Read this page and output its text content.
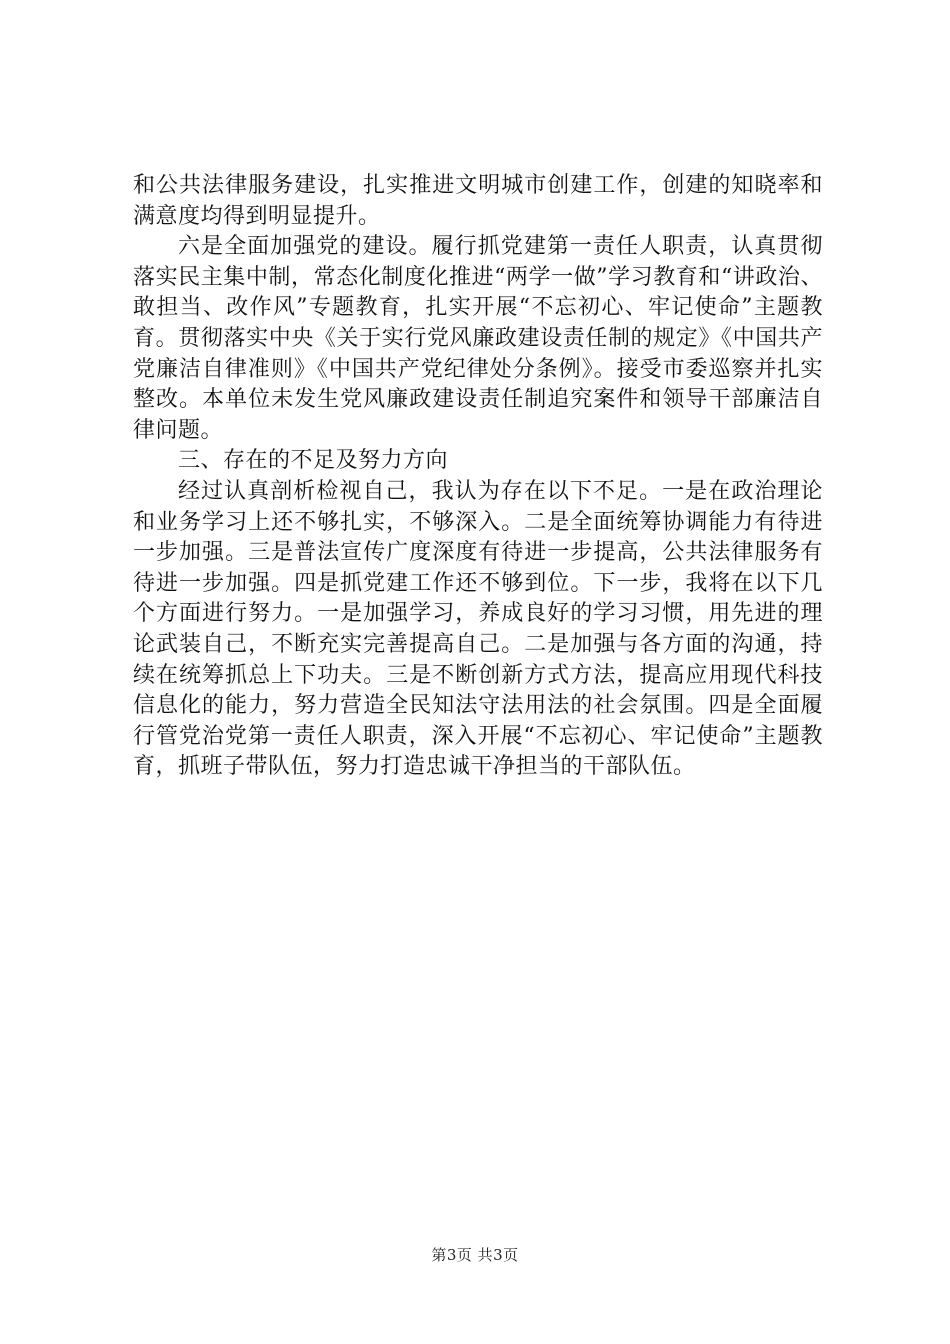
和公共法律服务建设，扎实推进文明城市创建工作，创建的知晓率和满意度均得到明显提升。

六是全面加强党的建设。履行抓党建第一责任人职责，认真贯彻落实民主集中制，常态化制度化推进“两学一做”学习教育和“讲政治、敢担当、改作风”专题教育，扎实开展“不忘初心、牢记使命”主题教育。贯彻落实中央《关于实行党风廉政建设责任制的规定》《中国共产党廉洁自律准则》《中国共产党纪律处分条例》。接受市委巡察并扎实整改。本单位未发生党风廉政建设责任制追究案件和领导干部廉洁自律问题。

三、存在的不足及努力方向

经过认真剖析检视自己，我认为存在以下不足。一是在政治理论和业务学习上还不够扎实，不够深入。二是全面统筹协调能力有待进一步加强。三是普法宣传广度深度有待进一步提高，公共法律服务有待进一步加强。四是抓党建工作还不够到位。下一步，我将在以下几个方面进行努力。一是加强学习，养成良好的学习习惯，用先进的理论武装自己，不断充实完善提高自己。二是加强与各方面的沟通，持续在统筹抓总上下功夫。三是不断创新方式方法，提高应用现代科技信息化的能力，努力营造全民知法守法用法的社会氛围。四是全面履行管党治党第一责任人职责，深入开展“不忘初心、牢记使命”主题教育，抓班子带队伍，努力打造忠诚干净担当的干部队伍。

第3页 共3页
